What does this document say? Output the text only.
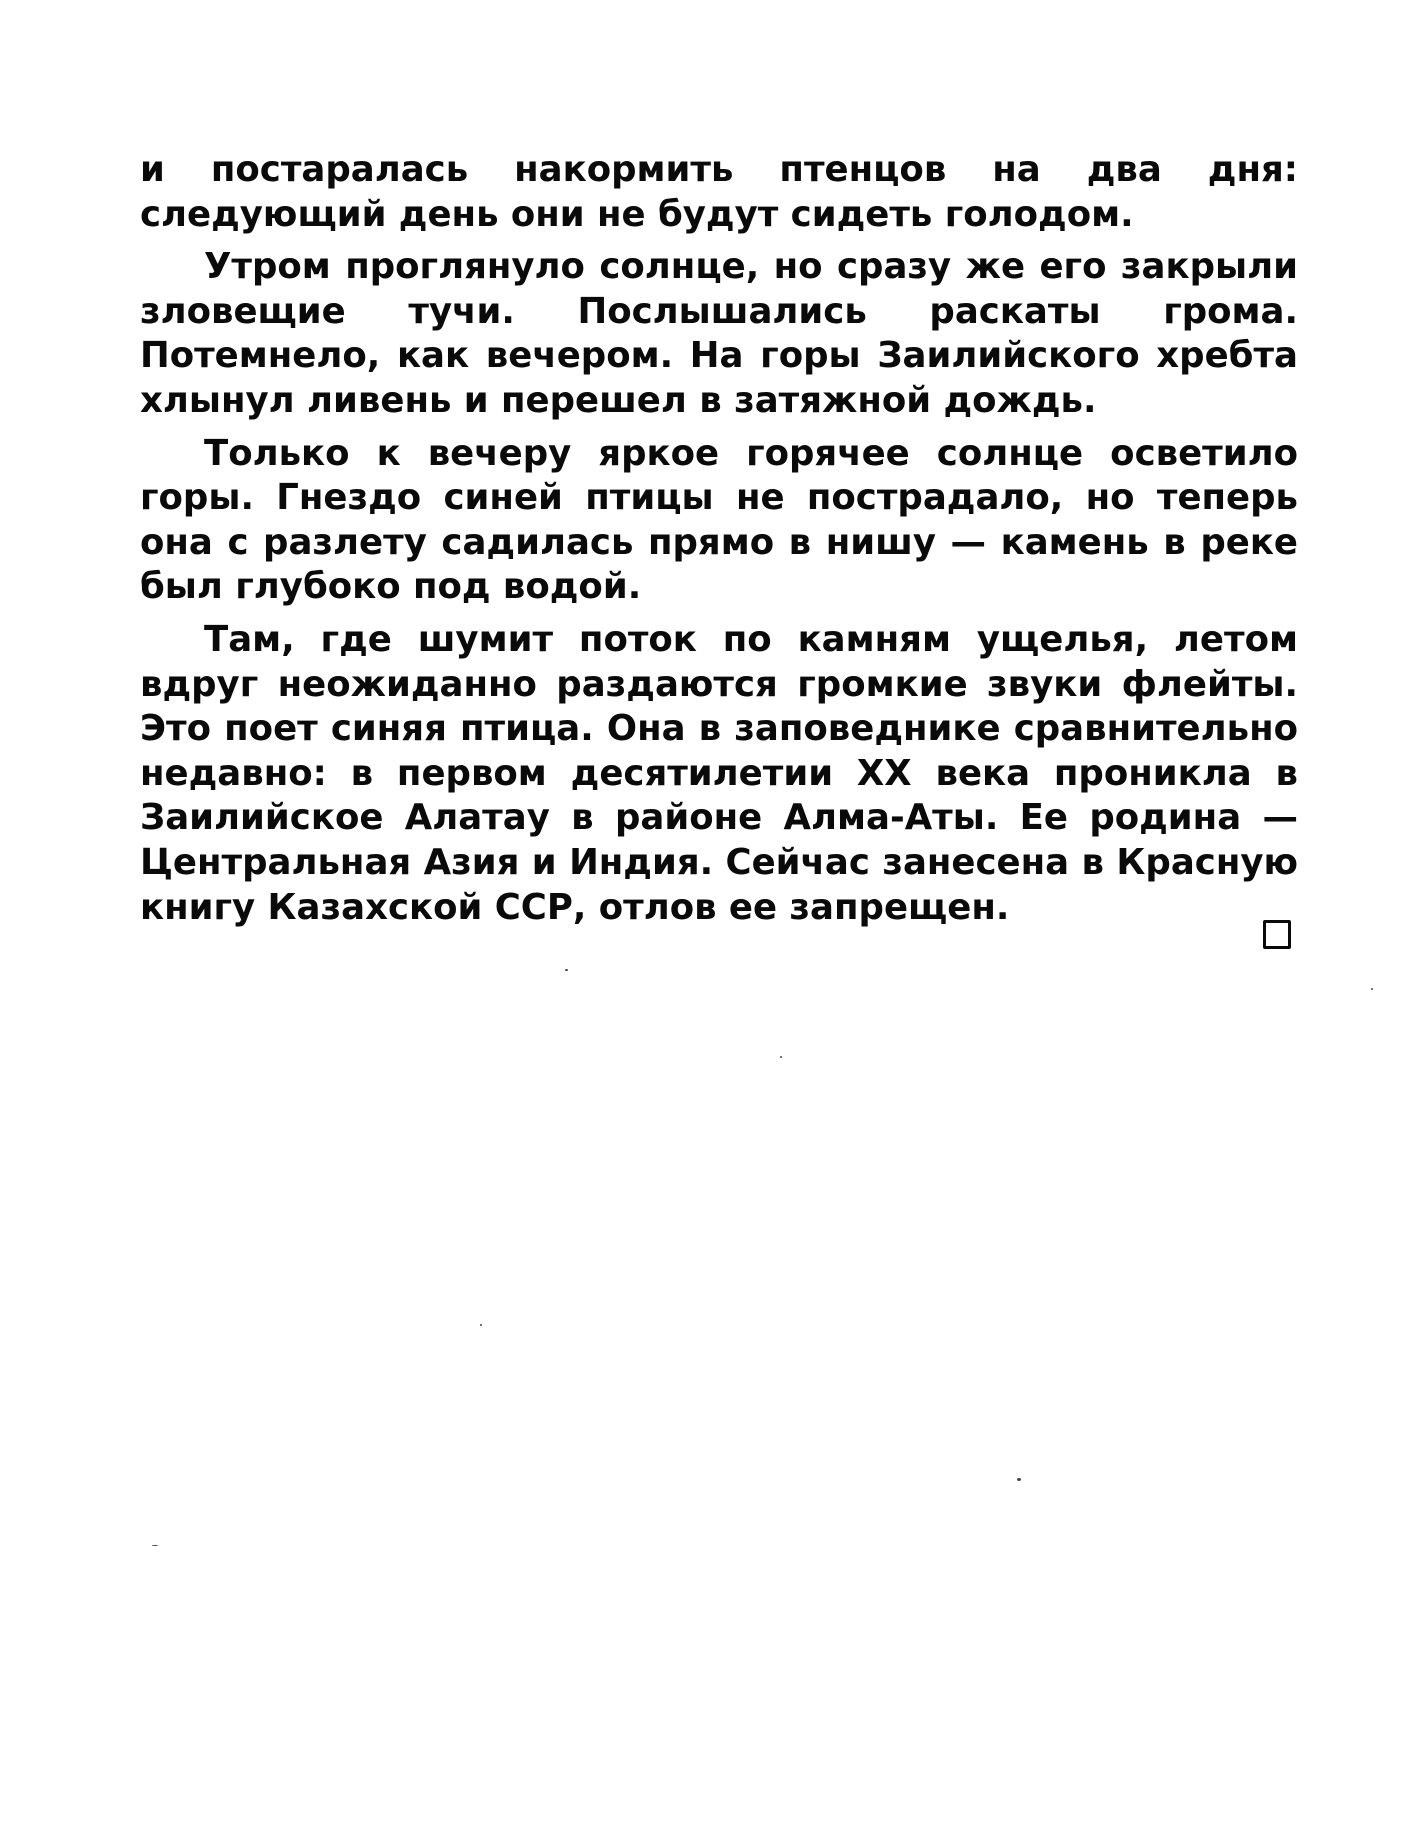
и постаралась накормить птенцов на два дня: следующий день они не будут сидеть голодом.

Утром проглянуло солнце, но сразу же его закрыли зловещие тучи. Послышались раскаты грома. Потемнело, как вечером. На горы Заилийского хребта хлынул ливень и перешел в затяжной дождь.

Только к вечеру яркое горячее солнце осветило горы. Гнездо синей птицы не пострадало, но теперь она с разлету садилась прямо в нишу — камень в реке был глубоко под водой.

Там, где шумит поток по камням ущелья, летом вдруг неожиданно раздаются громкие звуки флейты. Это поет синяя птица. Она в заповеднике сравнительно недавно: в первом десятилетии XX века проникла в Заилийское Алатау в районе Алма-Аты. Ее родина — Центральная Азия и Индия. Сейчас занесена в Красную книгу Казахской ССР, отлов ее запрещен.
